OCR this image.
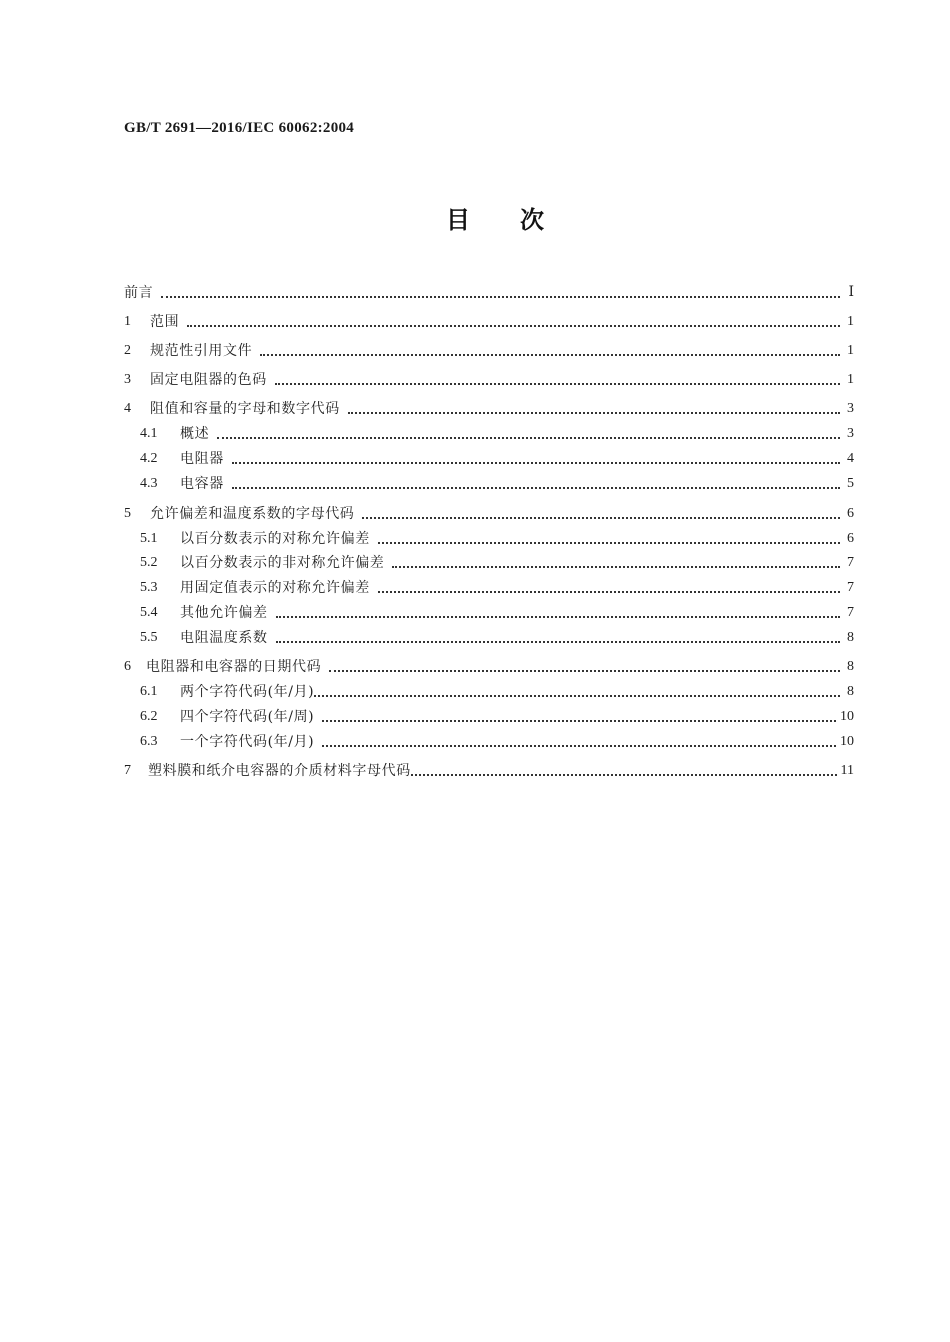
GB/T 2691—2016/IEC 60062:2004
目 次
前言	Ⅰ
1	范围	1
2	规范性引用文件	1
3	固定电阻器的色码	1
4	阻值和容量的字母和数字代码	3
4.1	概述	3
4.2	电阻器	4
4.3	电容器	5
5	允许偏差和温度系数的字母代码	6
5.1	以百分数表示的对称允许偏差	6
5.2	以百分数表示的非对称允许偏差	7
5.3	用固定值表示的对称允许偏差	7
5.4	其他允许偏差	7
5.5	电阻温度系数	8
6	电阻器和电容器的日期代码	8
6.1	两个字符代码(年/月)	8
6.2	四个字符代码(年/周)	10
6.3	一个字符代码(年/月)	10
7	塑料膜和纸介电容器的介质材料字母代码	11
